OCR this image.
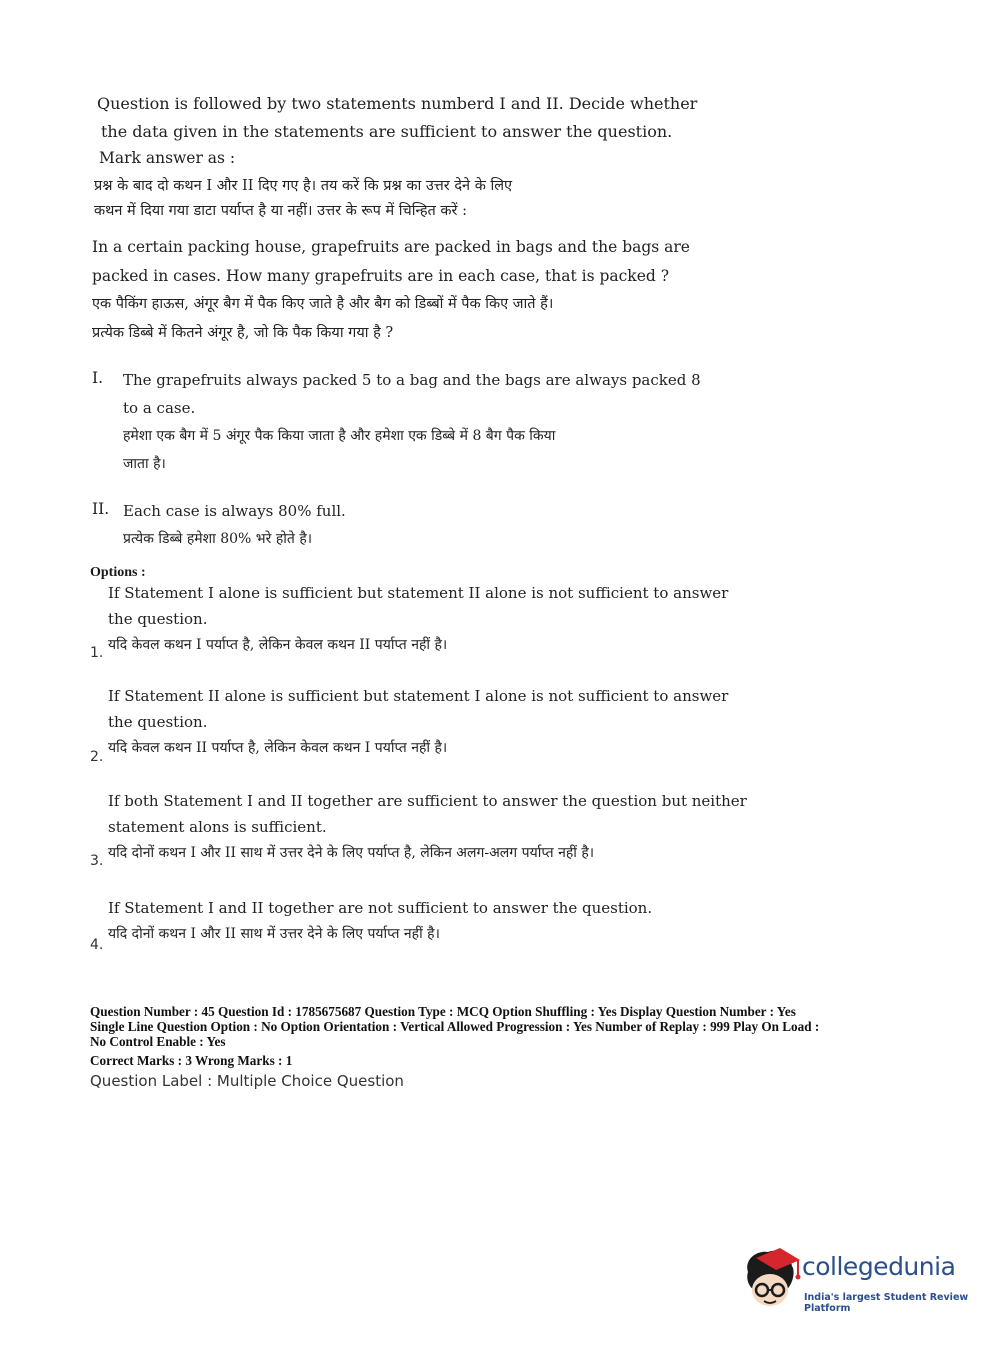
Question is followed by two statements numberd I and II. Decide whether
the data given in the statements are sufficient to answer the question.
Mark answer as :
प्रश्न के बाद दो कथन I और II दिए गए है। तय करें कि प्रश्न का उत्तर देने के लिए
कथन में दिया गया डाटा पर्याप्त है या नहीं। उत्तर के रूप में चिन्हित करें :
In a certain packing house, grapefruits are packed in bags and the bags are
packed in cases. How many grapefruits are in each case, that is packed ?
एक पैकिंग हाऊस, अंगूर बैग में पैक किए जाते है और बैग को डिब्बों में पैक किए जाते हैं।
प्रत्येक डिब्बे में कितने अंगूर है, जो कि पैक किया गया है ?
I. The grapefruits always packed 5 to a bag and the bags are always packed 8
to a case.
हमेशा एक बैग में 5 अंगूर पैक किया जाता है और हमेशा एक डिब्बे में 8 बैग पैक किया
जाता है।
II. Each case is always 80% full.
प्रत्येक डिब्बे हमेशा 80% भरे होते है।
Options :
If Statement I alone is sufficient but statement II alone is not sufficient to answer
the question.
यदि केवल कथन I पर्याप्त है, लेकिन केवल कथन II पर्याप्त नहीं है।
1.
If Statement II alone is sufficient but statement I alone is not sufficient to answer
the question.
यदि केवल कथन II पर्याप्त है, लेकिन केवल कथन I पर्याप्त नहीं है।
2.
If both Statement I and II together are sufficient to answer the question but neither
statement alons is sufficient.
यदि दोनों कथन I और II साथ में उत्तर देने के लिए पर्याप्त है, लेकिन अलग-अलग पर्याप्त नहीं है।
3.
If Statement I and II together are not sufficient to answer the question.
यदि दोनों कथन I और II साथ में उत्तर देने के लिए पर्याप्त नहीं है।
4.
Question Number : 45 Question Id : 1785675687 Question Type : MCQ Option Shuffling : Yes Display Question Number : Yes
Single Line Question Option : No Option Orientation : Vertical Allowed Progression : Yes Number of Replay : 999 Play On Load :
No Control Enable : Yes
Correct Marks : 3 Wrong Marks : 1
Question Label : Multiple Choice Question
collegedunia
India's largest Student Review Platform
